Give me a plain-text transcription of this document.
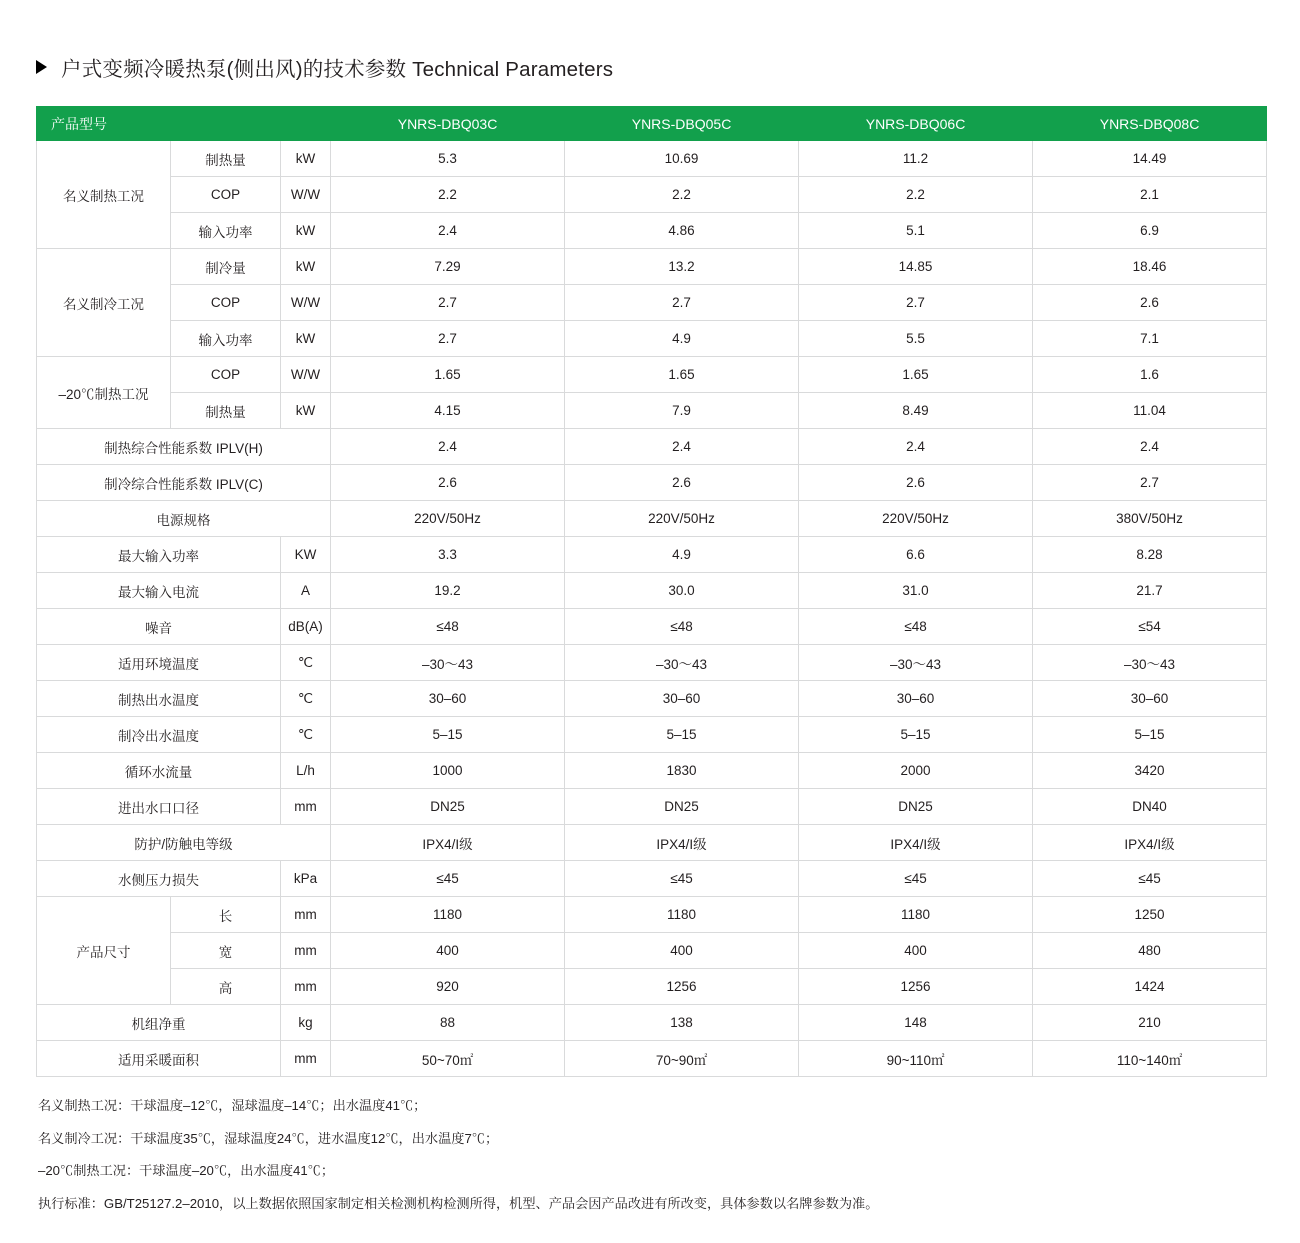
户式变频冷暖热泵(侧出风)的技术参数 Technical Parameters
产品型号			YNRS-DBQ03C	YNRS-DBQ05C	YNRS-DBQ06C	YNRS-DBQ08C
名义制热工况	制热量	kW	5.3	10.69	11.2	14.49
	COP	W/W	2.2	2.2	2.2	2.1
	输入功率	kW	2.4	4.86	5.1	6.9
名义制冷工况	制冷量	kW	7.29	13.2	14.85	18.46
	COP	W/W	2.7	2.7	2.7	2.6
	输入功率	kW	2.7	4.9	5.5	7.1
–20℃制热工况	COP	W/W	1.65	1.65	1.65	1.6
	制热量	kW	4.15	7.9	8.49	11.04
制热综合性能系数 IPLV(H)			2.4	2.4	2.4	2.4
制冷综合性能系数 IPLV(C)			2.6	2.6	2.6	2.7
电源规格			220V/50Hz	220V/50Hz	220V/50Hz	380V/50Hz
最大输入功率		KW	3.3	4.9	6.6	8.28
最大输入电流		A	19.2	30.0	31.0	21.7
噪音		dB(A)	≤48	≤48	≤48	≤54
适用环境温度		℃	–30～43	–30～43	–30～43	–30～43
制热出水温度		℃	30–60	30–60	30–60	30–60
制冷出水温度		℃	5–15	5–15	5–15	5–15
循环水流量		L/h	1000	1830	2000	3420
进出水口口径		mm	DN25	DN25	DN25	DN40
防护/防触电等级			IPX4/I级	IPX4/I级	IPX4/I级	IPX4/I级
水侧压力损失		kPa	≤45	≤45	≤45	≤45
产品尺寸	长	mm	1180	1180	1180	1250
	宽	mm	400	400	400	480
	高	mm	920	1256	1256	1424
机组净重		kg	88	138	148	210
适用采暖面积		mm	50~70㎡	70~90㎡	90~110㎡	110~140㎡

名义制热工况：干球温度–12℃，湿球温度–14℃；出水温度41℃；

名义制冷工况：干球温度35℃，湿球温度24℃，进水温度12℃，出水温度7℃；

–20℃制热工况：干球温度–20℃，出水温度41℃；

执行标准：GB/T25127.2–2010，以上数据依照国家制定相关检测机构检测所得，机型、产品会因产品改进有所改变，具体参数以名牌参数为准。
